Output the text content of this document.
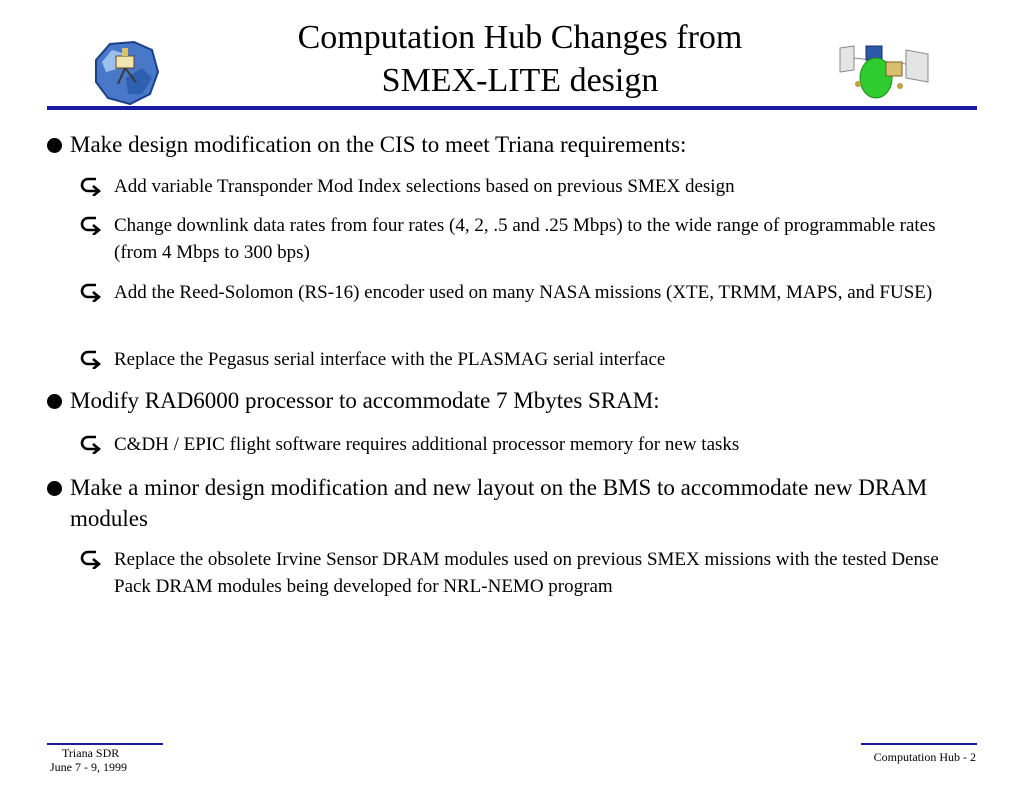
Computation Hub Changes from
SMEX-LITE design
Make design modification on the CIS to meet Triana requirements:
Add variable Transponder Mod Index selections based on previous SMEX design
Change downlink data rates from four rates (4, 2, .5 and .25 Mbps) to the wide range of programmable rates (from 4 Mbps to 300 bps)
Add the Reed-Solomon (RS-16) encoder used on many NASA missions (XTE, TRMM, MAPS, and FUSE)
Replace the Pegasus serial interface with the PLASMAG serial interface
Modify RAD6000 processor to accommodate 7 Mbytes SRAM:
C&DH / EPIC flight software requires additional processor memory for new tasks
Make a minor design modification and new layout on the BMS to accommodate new DRAM modules
Replace the obsolete Irvine Sensor DRAM modules used on previous SMEX missions with the tested Dense Pack DRAM modules being developed for NRL-NEMO program
Triana SDR
June 7 - 9, 1999
Computation Hub - 2
